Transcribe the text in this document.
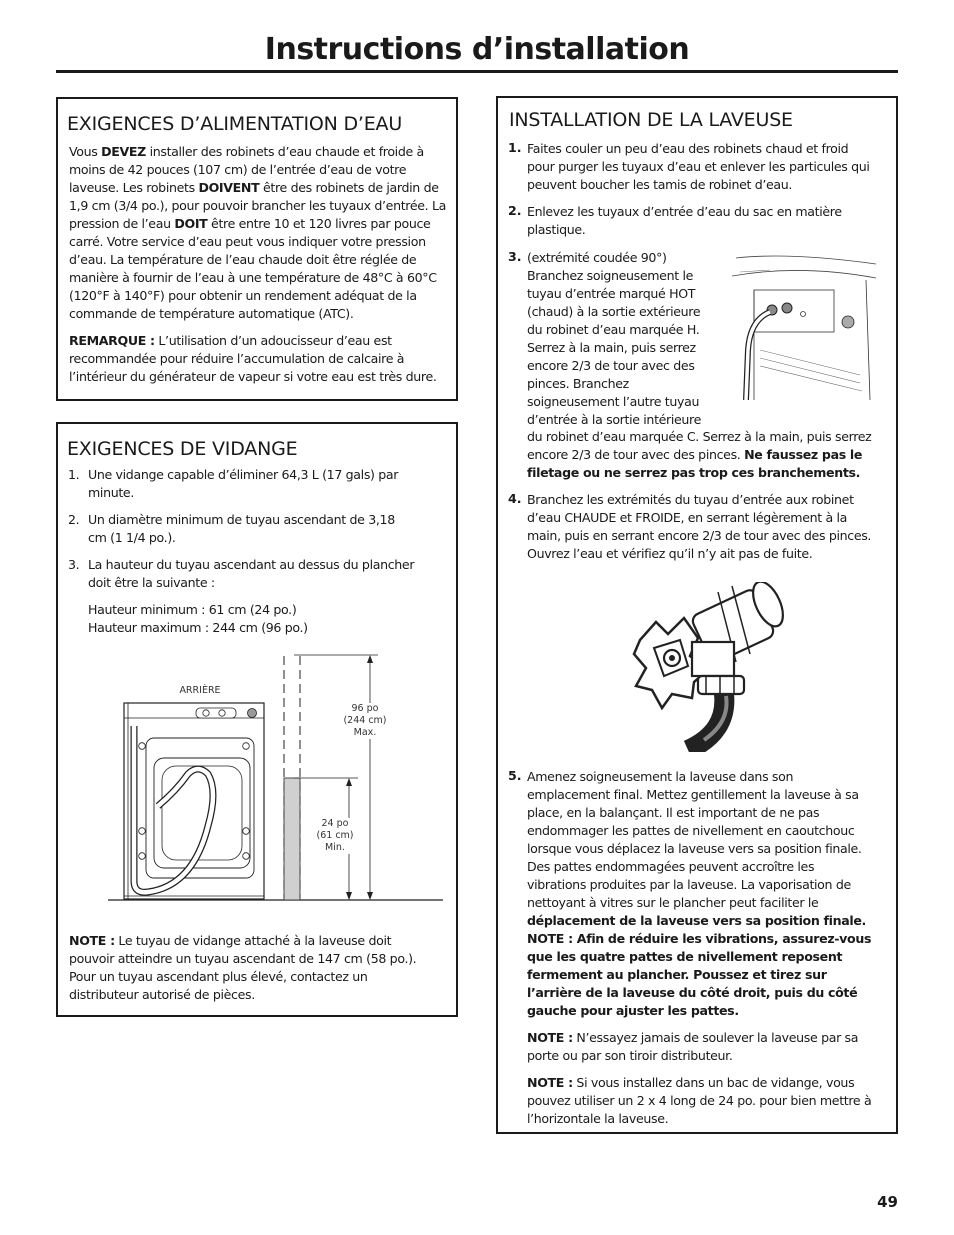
Instructions d’installation
EXIGENCES D’ALIMENTATION D’EAU

Vous DEVEZ installer des robinets d’eau chaude et froide à moins de 42 pouces (107 cm) de l’entrée d’eau de votre laveuse. Les robinets DOIVENT être des robinets de jardin de 1,9 cm (3/4 po.), pour pouvoir brancher les tuyaux d’entrée. La pression de l’eau DOIT être entre 10 et 120 livres par pouce carré. Votre service d’eau peut vous indiquer votre pression d’eau. La température de l’eau chaude doit être réglée de manière à fournir de l’eau à une température de 48°C à 60°C (120°F à 140°F) pour obtenir un rendement adéquat de la commande de température automatique (ATC).

REMARQUE : L’utilisation d’un adoucisseur d’eau est recommandée pour réduire l’accumulation de calcaire à l’intérieur du générateur de vapeur si votre eau est très dure.

EXIGENCES DE VIDANGE
1. Une vidange capable d’éliminer 64,3 L (17 gals) par minute.
2. Un diamètre minimum de tuyau ascendant de 3,18 cm (1 1/4 po.).
3. La hauteur du tuyau ascendant au dessus du plancher doit être la suivante :
Hauteur minimum : 61 cm (24 po.)
Hauteur maximum : 244 cm (96 po.)
ARRIÈRE
96 po
(244 cm)
Max.
24 po
(61 cm)
Min.
NOTE : Le tuyau de vidange attaché à la laveuse doit pouvoir atteindre un tuyau ascendant de 147 cm (58 po.). Pour un tuyau ascendant plus élevé, contactez un distributeur autorisé de pièces.
INSTALLATION DE LA LAVEUSE
1. Faites couler un peu d’eau des robinets chaud et froid pour purger les tuyaux d’eau et enlever les particules qui peuvent boucher les tamis de robinet d’eau.
2. Enlevez les tuyaux d’entrée d’eau du sac en matière plastique.
3. (extrémité coudée 90°) Branchez soigneusement le tuyau d’entrée marqué HOT (chaud) à la sortie extérieure du robinet d’eau marquée H. Serrez à la main, puis serrez encore 2/3 de tour avec des pinces. Branchez soigneusement l’autre tuyau d’entrée à la sortie intérieure
du robinet d’eau marquée C. Serrez à la main, puis serrez encore 2/3 de tour avec des pinces. Ne faussez pas le filetage ou ne serrez pas trop ces branchements.
4. Branchez les extrémités du tuyau d’entrée aux robinet d’eau CHAUDE et FROIDE, en serrant légèrement à la main, puis en serrant encore 2/3 de tour avec des pinces. Ouvrez l’eau et vérifiez qu’il n’y ait pas de fuite.
5. Amenez soigneusement la laveuse dans son emplacement final. Mettez gentillement la laveuse à sa place, en la balançant. Il est important de ne pas endommager les pattes de nivellement en caoutchouc lorsque vous déplacez la laveuse vers sa position finale. Des pattes endommagées peuvent accroître les vibrations produites par la laveuse. La vaporisation de nettoyant à vitres sur le plancher peut faciliter le déplacement de la laveuse vers sa position finale. NOTE : Afin de réduire les vibrations, assurez-vous que les quatre pattes de nivellement reposent fermement au plancher. Poussez et tirez sur l’arrière de la laveuse du côté droit, puis du côté gauche pour ajuster les pattes.
NOTE : N’essayez jamais de soulever la laveuse par sa porte ou par son tiroir distributeur.
NOTE : Si vous installez dans un bac de vidange, vous pouvez utiliser un 2 x 4 long de 24 po. pour bien mettre à l’horizontale la laveuse.
49
